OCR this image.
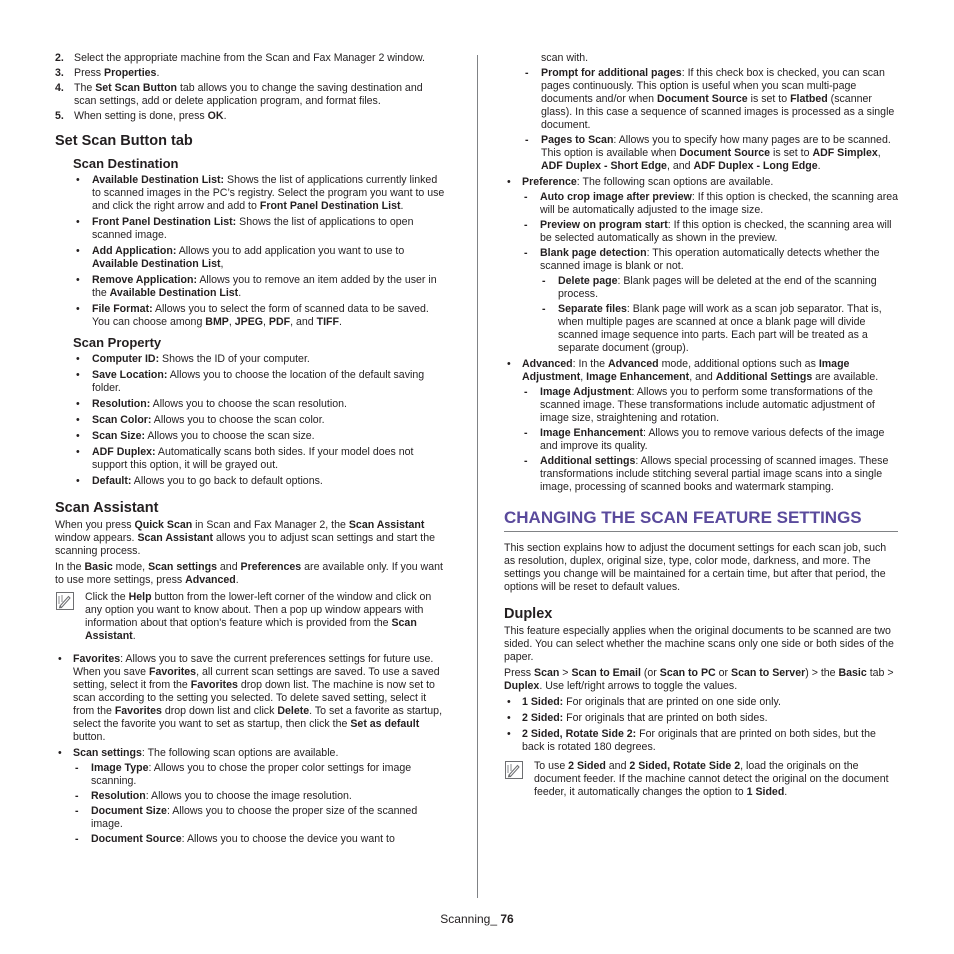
2. Select the appropriate machine from the Scan and Fax Manager 2 window.
3. Press Properties.
4. The Set Scan Button tab allows you to change the saving destination and scan settings, add or delete application program, and format files.
5. When setting is done, press OK.
Set Scan Button tab
Scan Destination
• Available Destination List: Shows the list of applications currently linked to scanned images in the PC’s registry. Select the program you want to use and click the right arrow and add to Front Panel Destination List.
• Front Panel Destination List: Shows the list of applications to open scanned image.
• Add Application: Allows you to add application you want to use to Available Destination List,
• Remove Application: Allows you to remove an item added by the user in the Available Destination List.
• File Format: Allows you to select the form of scanned data to be saved. You can choose among BMP, JPEG, PDF, and TIFF.
Scan Property
• Computer ID: Shows the ID of your computer.
• Save Location: Allows you to choose the location of the default saving folder.
• Resolution: Allows you to choose the scan resolution.
• Scan Color: Allows you to choose the scan color.
• Scan Size: Allows you to choose the scan size.
• ADF Duplex: Automatically scans both sides. If your model does not support this option, it will be grayed out.
• Default: Allows you to go back to default options.
Scan Assistant

When you press Quick Scan in Scan and Fax Manager 2, the Scan Assistant window appears. Scan Assistant allows you to adjust scan settings and start the scanning process.

In the Basic mode, Scan settings and Preferences are available only. If you want to use more settings, press Advanced.

Click the Help button from the lower-left corner of the window and click on any option you want to know about. Then a pop up window appears with information about that option's feature which is provided from the Scan Assistant.
• Favorites: Allows you to save the current preferences settings for future use. When you save Favorites, all current scan settings are saved. To use a saved setting, select it from the Favorites drop down list. The machine is now set to scan according to the setting you selected. To delete saved setting, select it from the Favorites drop down list and click Delete. To set a favorite as startup, select the favorite you want to set as startup, then click the Set as default button.
• Scan settings: The following scan options are available.
- Image Type: Allows you to chose the proper color settings for image scanning.
- Resolution: Allows you to choose the image resolution.
- Document Size: Allows you to choose the proper size of the scanned image.
- Document Source: Allows you to choose the device you want to
scan with.
- Prompt for additional pages: If this check box is checked, you can scan pages continuously. This option is useful when you scan multi-page documents and/or when Document Source is set to Flatbed (scanner glass). In this case a sequence of scanned images is processed as a single document.
- Pages to Scan: Allows you to specify how many pages are to be scanned. This option is available when Document Source is set to ADF Simplex, ADF Duplex - Short Edge, and ADF Duplex - Long Edge.
• Preference: The following scan options are available.
- Auto crop image after preview: If this option is checked, the scanning area will be automatically adjusted to the image size.
- Preview on program start: If this option is checked, the scanning area will be selected automatically as shown in the preview.
- Blank page detection: This operation automatically detects whether the scanned image is blank or not.
- Delete page: Blank pages will be deleted at the end of the scanning process.
- Separate files: Blank page will work as a scan job separator. That is, when multiple pages are scanned at once a blank page will divide scanned image sequence into parts. Each part will be treated as a separate document (group).
• Advanced: In the Advanced mode, additional options such as Image Adjustment, Image Enhancement, and Additional Settings are available.
- Image Adjustment: Allows you to perform some transformations of the scanned image. These transformations include automatic adjustment of image size, straightening and rotation.
- Image Enhancement: Allows you to remove various defects of the image and improve its quality.
- Additional settings: Allows special processing of scanned images. These transformations include stitching several partial image scans into a single image, processing of scanned books and watermark stamping.
CHANGING THE SCAN FEATURE SETTINGS

This section explains how to adjust the document settings for each scan job, such as resolution, duplex, original size, type, color mode, darkness, and more. The settings you change will be maintained for a certain time, but after that period, the options will be reset to default values.

Duplex

This feature especially applies when the original documents to be scanned are two sided. You can select whether the machine scans only one side or both sides of the paper.

Press Scan > Scan to Email (or Scan to PC or Scan to Server) > the Basic tab > Duplex. Use left/right arrows to toggle the values.

• 1 Sided: For originals that are printed on one side only.
• 2 Sided: For originals that are printed on both sides.
• 2 Sided, Rotate Side 2: For originals that are printed on both sides, but the back is rotated 180 degrees.
To use 2 Sided and 2 Sided, Rotate Side 2, load the originals on the document feeder. If the machine cannot detect the original on the document feeder, it automatically changes the option to 1 Sided.
Scanning_ 76
